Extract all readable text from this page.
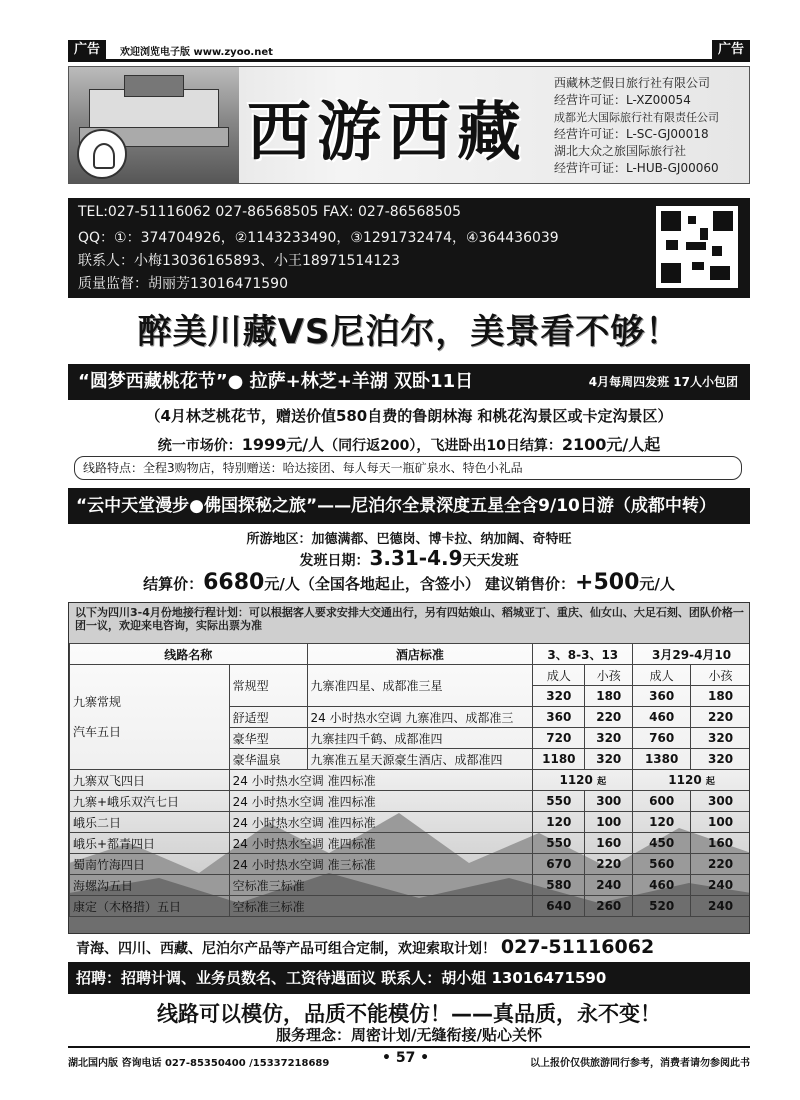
广告	欢迎浏览电子版 www.zyoo.net	广告
西游西藏
西藏林芝假日旅行社有限公司
经营许可证：L-XZ00054
成都光大国际旅行社有限责任公司
经营许可证：L-SC-GJ00018
湖北大众之旅国际旅行社
经营许可证：L-HUB-GJ00060
TEL:027-51116062 027-86568505 FAX: 027-86568505
QQ：①：374704926，②1143233490，③1291732474，④364436039
联系人：小梅13036165893、小王18971514123
质量监督：胡丽芳13016471590
醉美川藏VS尼泊尔，美景看不够！
“圆梦西藏桃花节”● 拉萨+林芝+羊湖 双卧11日	4月每周四发班 17人小包团
（4月林芝桃花节，赠送价值580自费的鲁朗林海 和桃花沟景区或卡定沟景区）
统一市场价：1999元/人（同行返200），飞进卧出10日结算：2100元/人起
线路特点：全程3购物店，特别赠送：哈达接团、每人每天一瓶矿泉水、特色小礼品
“云中天堂漫步●佛国探秘之旅”——尼泊尔全景深度五星全含9/10日游（成都中转）
所游地区：加德满都、巴德岗、博卡拉、纳加阔、奇特旺
发班日期：3.31-4.9天天发班
结算价：6680元/人（全国各地起止，含签小） 建议销售价：+500元/人
以下为四川3-4月份地接行程计划：可以根据客人要求安排大交通出行，另有四姑娘山、稻城亚丁、重庆、仙女山、大足石刻、团队价格一团一议，欢迎来电咨询，实际出票为准
线路名称		酒店标准	3、8-3、13		3月29-4月10	

九寨常规
汽车五日	常规型	九寨准四星、成都准三星	成人	小孩	成人	小孩
			320	180	360	180
	舒适型	24 小时热水空调 九寨准四、成都准三	360	220	460	220

	豪华型	九寨挂四千鹤、成都准四	720	320	760	320

	豪华温泉	九寨准五星天源豪生酒店、成都准四	1180	320	1380	320

九寨双飞四日	24 小时热水空调 准四标准		1120 起		1120 起	
九寨+峨乐双汽七日	24 小时热水空调 准四标准		550	300	600	300
峨乐二日	24 小时热水空调 准四标准		120	100	120	100
峨乐+都青四日	24 小时热水空调 准四标准		550	160	450	160
蜀南竹海四日	24 小时热水空调 准三标准		670	220	560	220
海螺沟五日	空标准三标准		580	240	460	240
康定（木格措）五日	空标准三标准		640	260	520	240
青海、四川、西藏、尼泊尔产品等产品可组合定制，欢迎索取计划！ 027-51116062
招聘：招聘计调、业务员数名、工资待遇面议 联系人：胡小姐 13016471590
线路可以模仿，品质不能模仿！——真品质，永不变！
服务理念：周密计划/无缝衔接/贴心关怀
湖北国内版 咨询电话 027-85350400 /15337218689	• 57 •	以上报价仅供旅游同行参考，消费者请勿参阅此书
